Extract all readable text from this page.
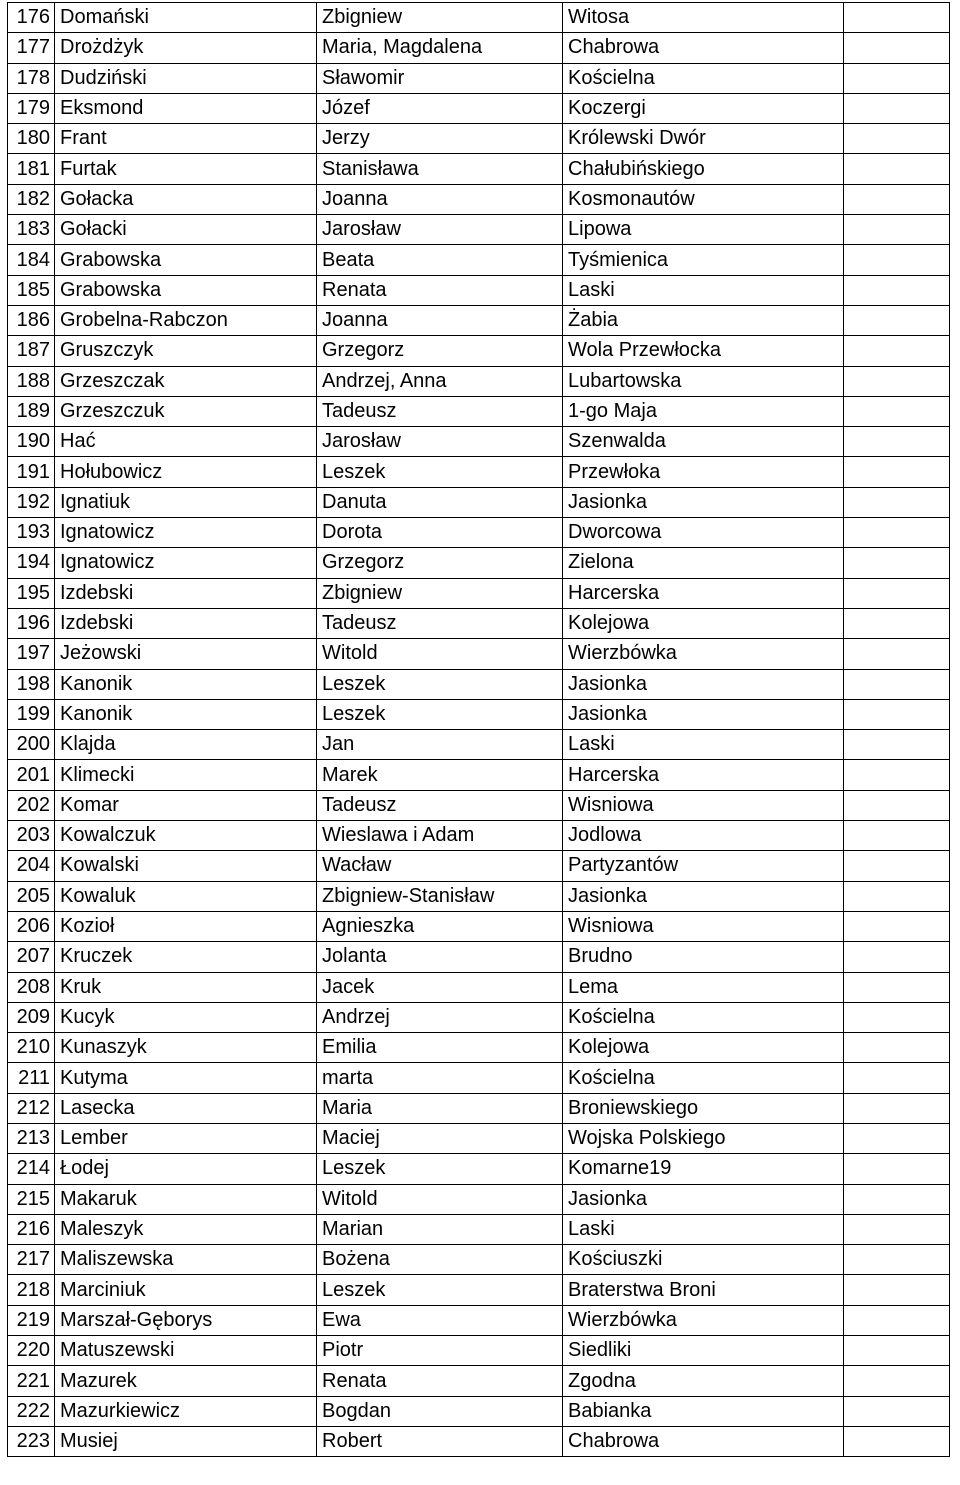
176	Domański	Zbigniew	Witosa	
177	Drożdżyk	Maria, Magdalena	Chabrowa	
178	Dudziński	Sławomir	Kościelna	
179	Eksmond	Józef	Koczergi	
180	Frant	Jerzy	Królewski Dwór	
181	Furtak	Stanisława	Chałubińskiego	
182	Gołacka	Joanna	Kosmonautów	
183	Gołacki	Jarosław	Lipowa	
184	Grabowska	Beata	Tyśmienica	
185	Grabowska	Renata	Laski	
186	Grobelna-Rabczon	Joanna	Żabia	
187	Gruszczyk	Grzegorz	Wola Przewłocka	
188	Grzeszczak	Andrzej, Anna	Lubartowska	
189	Grzeszczuk	Tadeusz	1-go Maja	
190	Hać	Jarosław	Szenwalda	
191	Hołubowicz	Leszek	Przewłoka	
192	Ignatiuk	Danuta	Jasionka	
193	Ignatowicz	Dorota	Dworcowa	
194	Ignatowicz	Grzegorz	Zielona	
195	Izdebski	Zbigniew	Harcerska	
196	Izdebski	Tadeusz	Kolejowa	
197	Jeżowski	Witold	Wierzbówka	
198	Kanonik	Leszek	Jasionka	
199	Kanonik	Leszek	Jasionka	
200	Klajda	Jan	Laski	
201	Klimecki	Marek	Harcerska	
202	Komar	Tadeusz	Wisniowa	
203	Kowalczuk	Wieslawa i Adam	Jodlowa	
204	Kowalski	Wacław	Partyzantów	
205	Kowaluk	Zbigniew-Stanisław	Jasionka	
206	Kozioł	Agnieszka	Wisniowa	
207	Kruczek	Jolanta	Brudno	
208	Kruk	Jacek	Lema	
209	Kucyk	Andrzej	Kościelna	
210	Kunaszyk	Emilia	Kolejowa	
211	Kutyma	marta	Kościelna	
212	Lasecka	Maria	Broniewskiego	
213	Lember	Maciej	Wojska Polskiego	
214	Łodej	Leszek	Komarne19	
215	Makaruk	Witold	Jasionka	
216	Maleszyk	Marian	Laski	
217	Maliszewska	Bożena	Kościuszki	
218	Marciniuk	Leszek	Braterstwa Broni	
219	Marszał-Gęborys	Ewa	Wierzbówka	
220	Matuszewski	Piotr	Siedliki	
221	Mazurek	Renata	Zgodna	
222	Mazurkiewicz	Bogdan	Babianka	
223	Musiej	Robert	Chabrowa	
